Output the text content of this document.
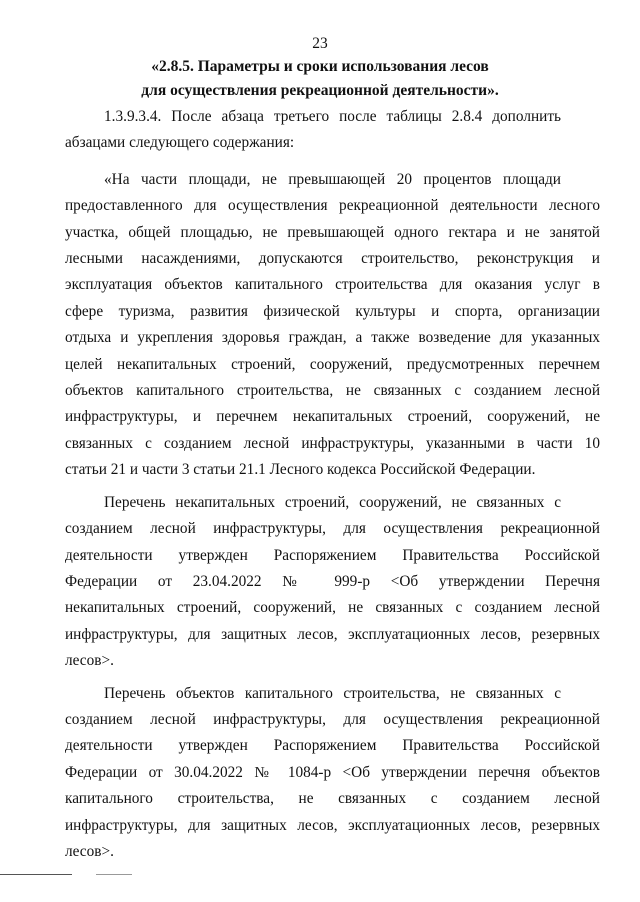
23
«2.8.5. Параметры и сроки использования лесов
для осуществления рекреационной деятельности».

1.3.9.3.4. После абзаца третьего после таблицы 2.8.4 дополнить
абзацами следующего содержания:

«На части площади, не превышающей 20 процентов площади
предоставленного для осуществления рекреационной деятельности лесного
участка, общей площадью, не превышающей одного гектара и не занятой
лесными насаждениями, допускаются строительство, реконструкция и
эксплуатация объектов капитального строительства для оказания услуг в
сфере туризма, развития физической культуры и спорта, организации
отдыха и укрепления здоровья граждан, а также возведение для указанных
целей некапитальных строений, сооружений, предусмотренных перечнем
объектов капитального строительства, не связанных с созданием лесной
инфраструктуры, и перечнем некапитальных строений, сооружений, не
связанных с созданием лесной инфраструктуры, указанными в части 10
статьи 21 и части 3 статьи 21.1 Лесного кодекса Российской Федерации.

Перечень некапитальных строений, сооружений, не связанных с
созданием лесной инфраструктуры, для осуществления рекреационной
деятельности утвержден Распоряжением Правительства Российской
Федерации от 23.04.2022 № 999-р <Об утверждении Перечня
некапитальных строений, сооружений, не связанных с созданием лесной
инфраструктуры, для защитных лесов, эксплуатационных лесов, резервных
лесов>.

Перечень объектов капитального строительства, не связанных с
созданием лесной инфраструктуры, для осуществления рекреационной
деятельности утвержден Распоряжением Правительства Российской
Федерации от 30.04.2022 № 1084-р <Об утверждении перечня объектов
капитального строительства, не связанных с созданием лесной
инфраструктуры, для защитных лесов, эксплуатационных лесов, резервных
лесов>.
